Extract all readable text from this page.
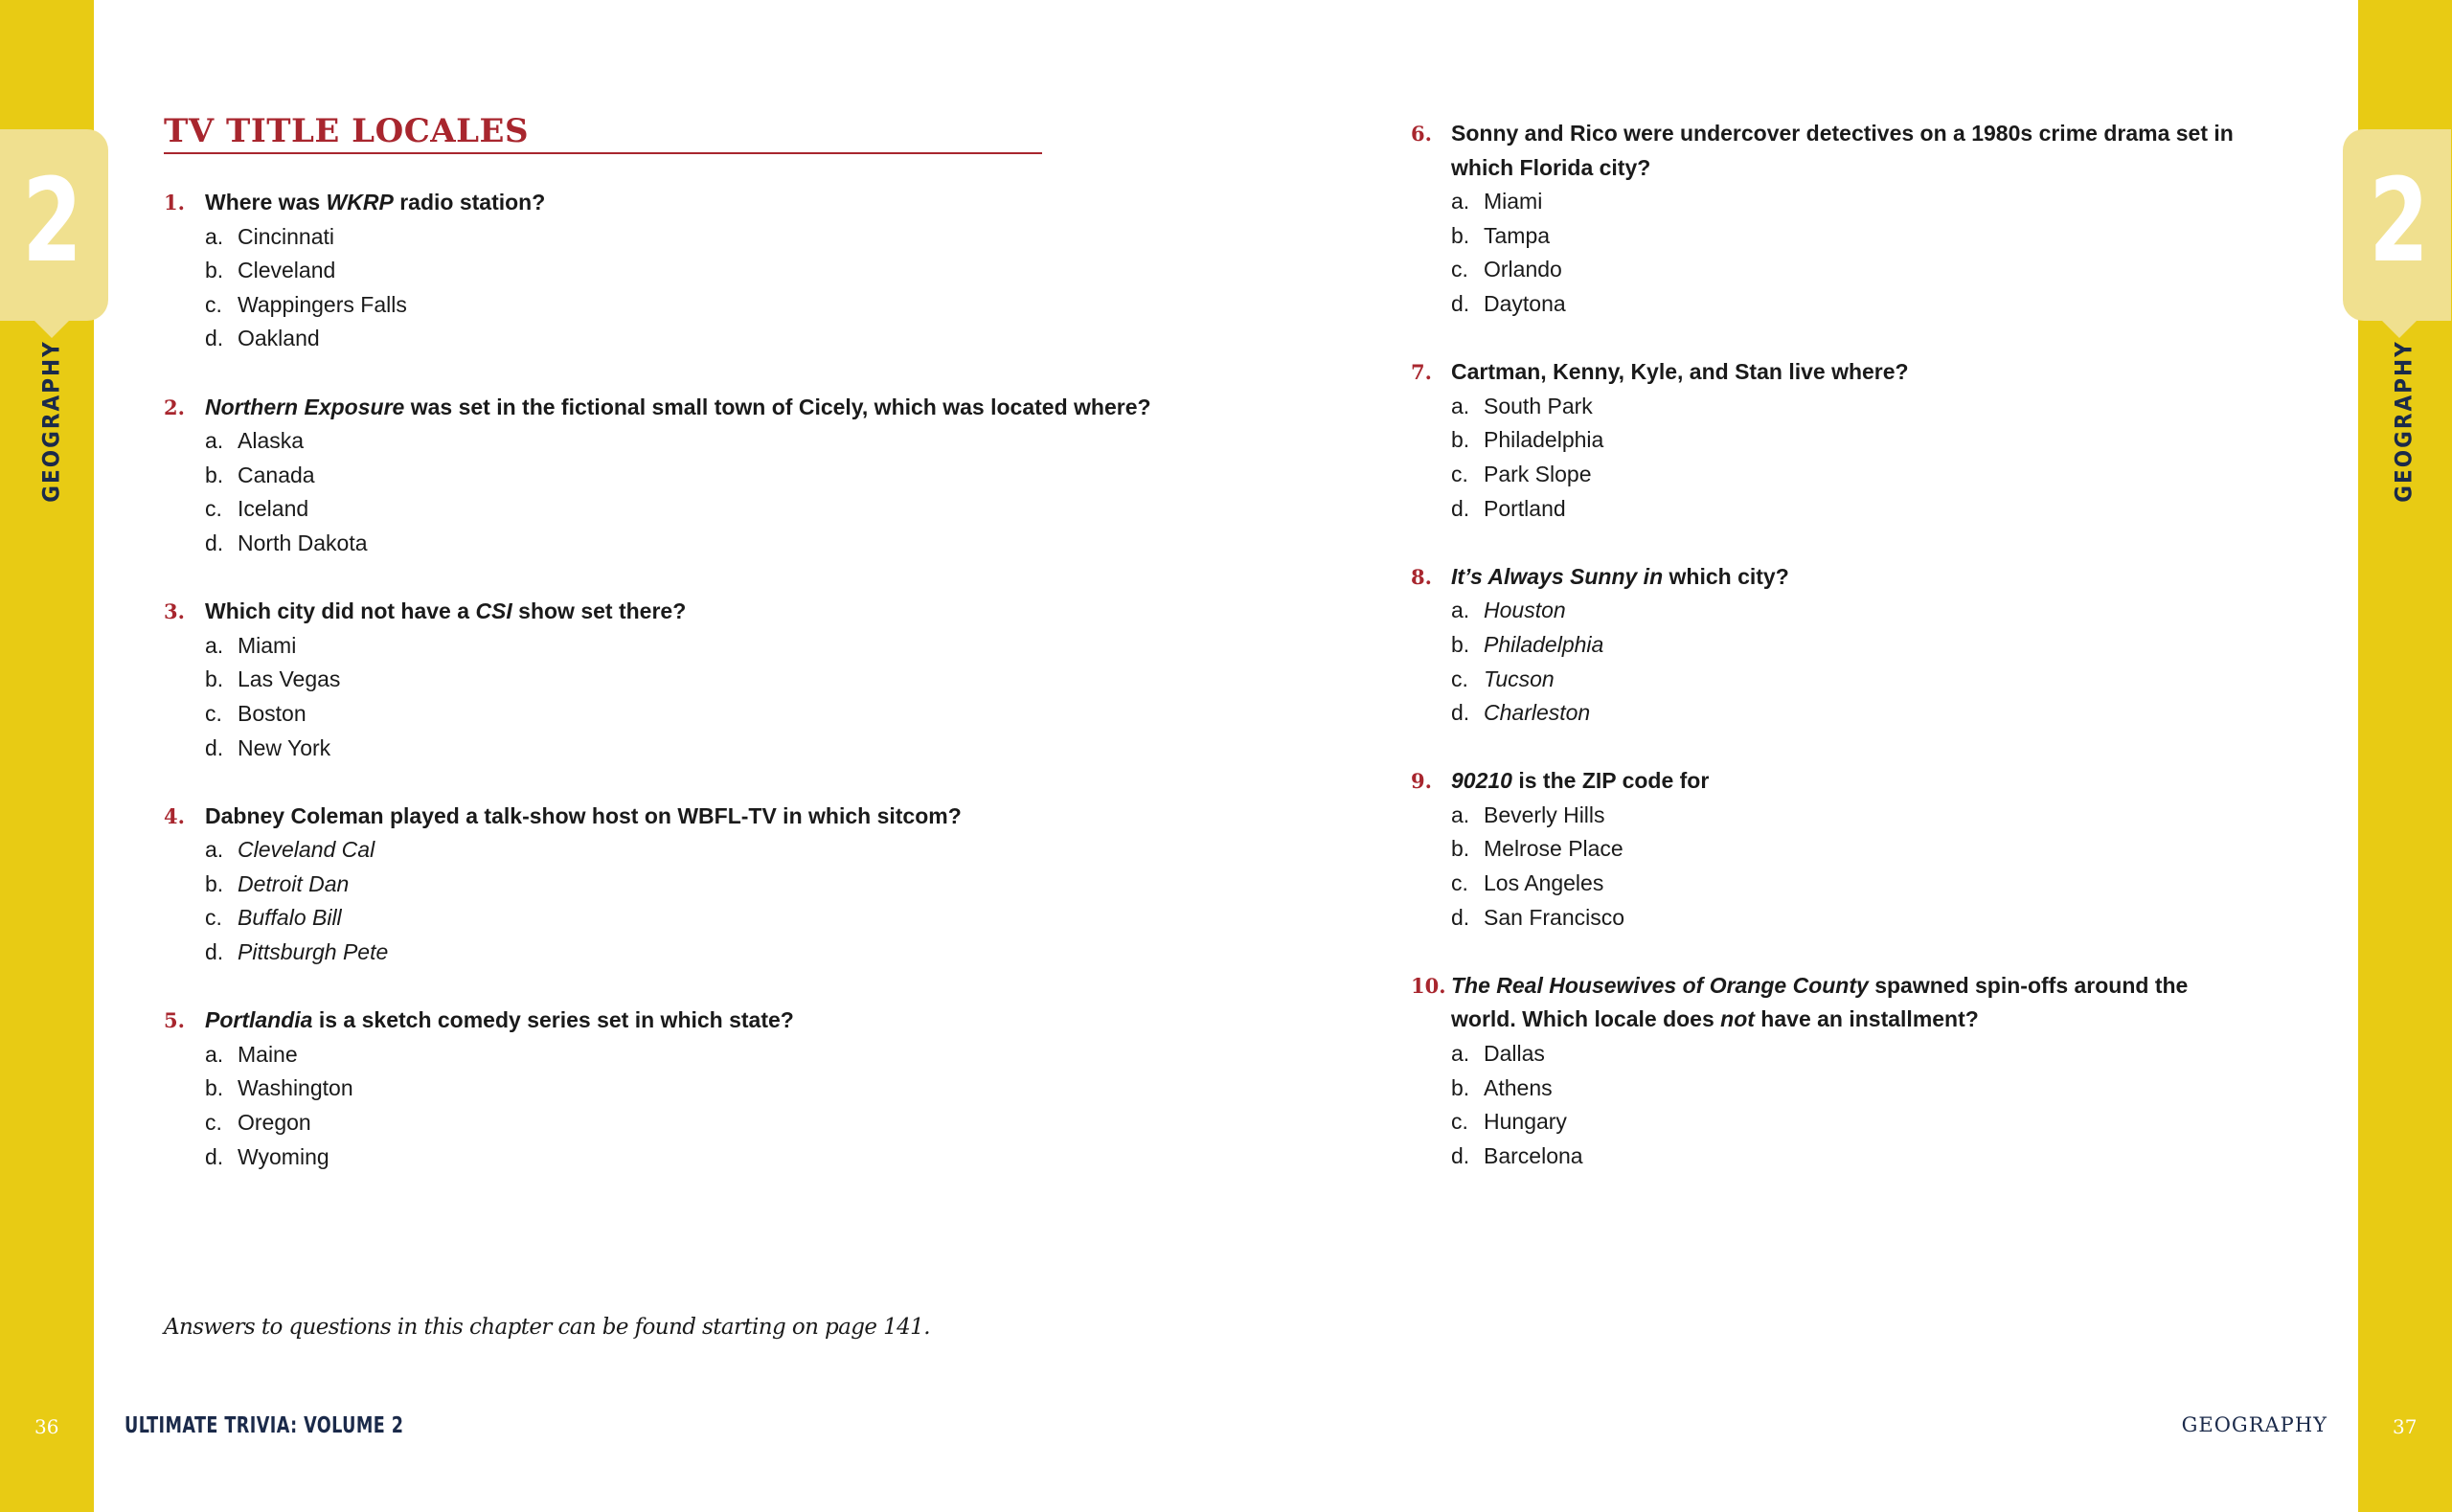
2
GEOGRAPHY
2
GEOGRAPHY
TV TITLE LOCALES
1. Where was WKRP radio station?
a. Cincinnati
b. Cleveland
c. Wappingers Falls
d. Oakland
2. Northern Exposure was set in the fictional small town of Cicely, which was located where?
a. Alaska
b. Canada
c. Iceland
d. North Dakota
3. Which city did not have a CSI show set there?
a. Miami
b. Las Vegas
c. Boston
d. New York
4. Dabney Coleman played a talk-show host on WBFL-TV in which sitcom?
a. Cleveland Cal
b. Detroit Dan
c. Buffalo Bill
d. Pittsburgh Pete
5. Portlandia is a sketch comedy series set in which state?
a. Maine
b. Washington
c. Oregon
d. Wyoming
6. Sonny and Rico were undercover detectives on a 1980s crime drama set in which Florida city?
a. Miami
b. Tampa
c. Orlando
d. Daytona
7. Cartman, Kenny, Kyle, and Stan live where?
a. South Park
b. Philadelphia
c. Park Slope
d. Portland
8. It’s Always Sunny in which city?
a. Houston
b. Philadelphia
c. Tucson
d. Charleston
9. 90210 is the ZIP code for
a. Beverly Hills
b. Melrose Place
c. Los Angeles
d. San Francisco
10. The Real Housewives of Orange County spawned spin-offs around the world. Which locale does not have an installment?
a. Dallas
b. Athens
c. Hungary
d. Barcelona
Answers to questions in this chapter can be found starting on page 141.
36	ULTIMATE TRIVIA: VOLUME 2	GEOGRAPHY	37
